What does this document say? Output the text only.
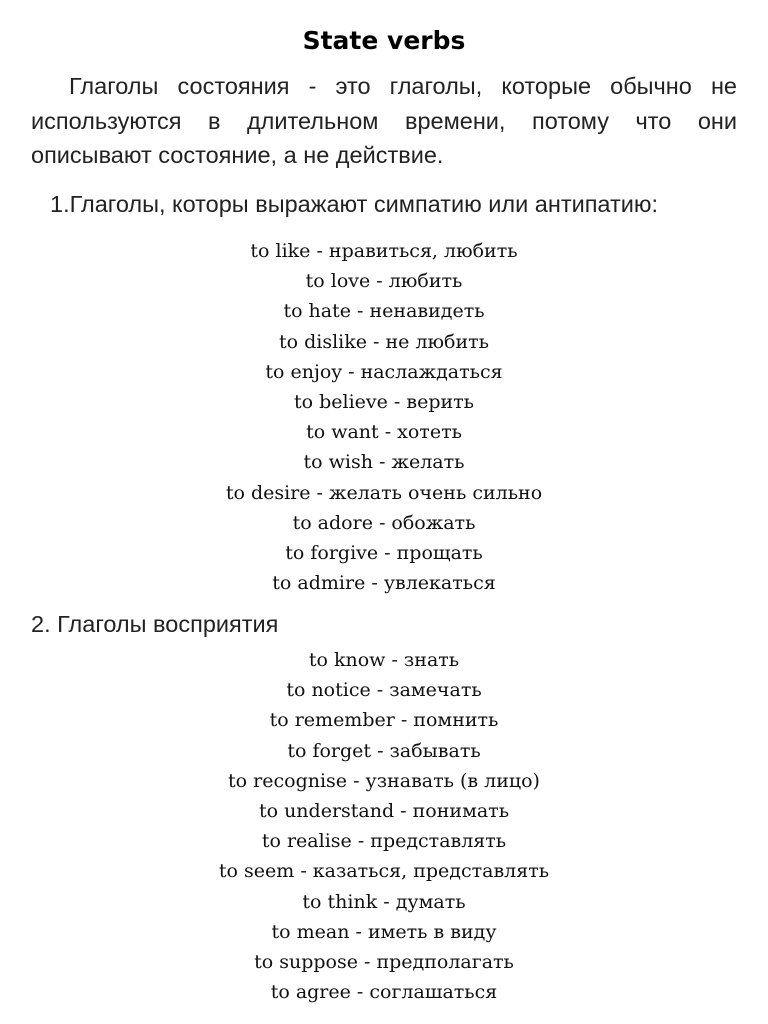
State verbs

Глаголы состояния - это глаголы, которые обычно не используются в длительном времени, потому что они описывают состояние, а не действие.

1.Глаголы, которы выражают симпатию или антипатию:

to like - нравиться, любить
to love - любить
to hate - ненавидеть
to dislike - не любить
to enjoy - наслаждаться
to believe - верить
to want - хотеть
to wish - желать
to desire - желать очень сильно
to adore - обожать
to forgive - прощать
to admire - увлекаться

2. Глаголы восприятия

to know - знать
to notice - замечать
to remember - помнить
to forget - забывать
to recognise - узнавать (в лицо)
to understand - понимать
to realise - представлять
to seem - казаться, представлять
to think - думать
to mean - иметь в виду
to suppose - предполагать
to agree - соглашаться
